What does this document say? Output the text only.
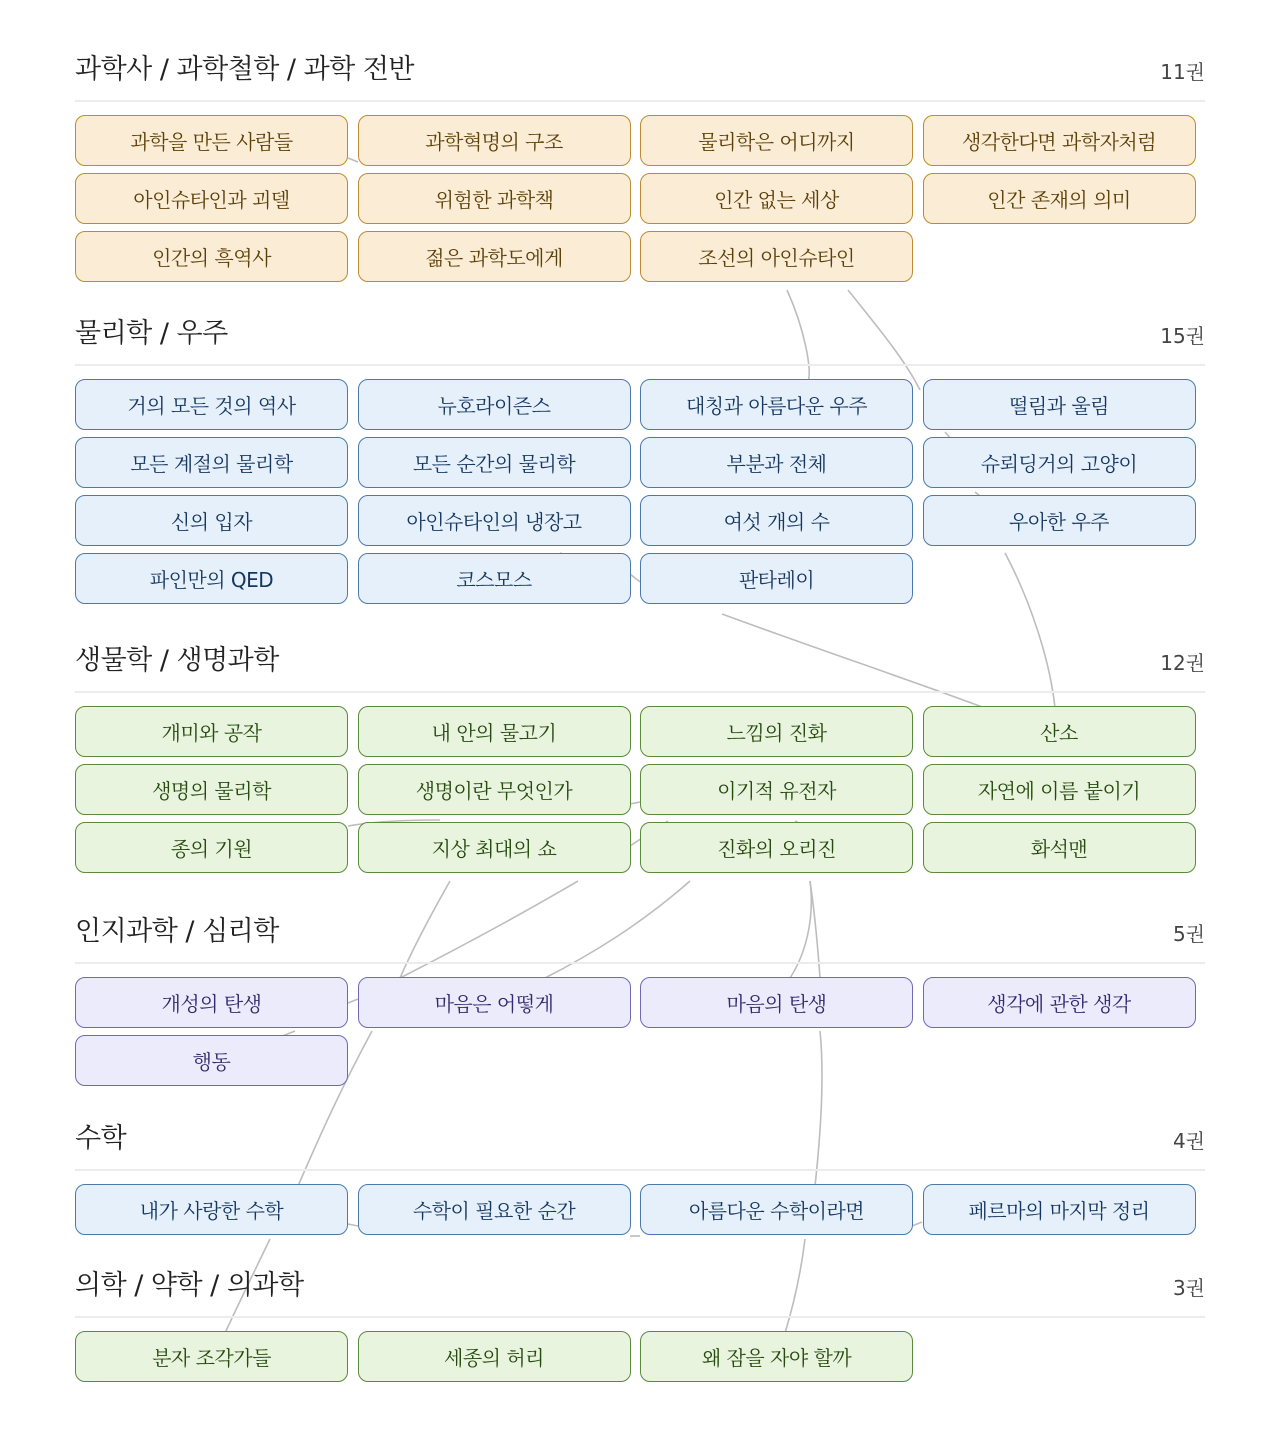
과학사 / 과학철학 / 과학 전반	11권
과학을 만든 사람들	과학혁명의 구조	물리학은 어디까지	생각한다면 과학자처럼
아인슈타인과 괴델	위험한 과학책	인간 없는 세상	인간 존재의 의미
인간의 흑역사	젊은 과학도에게	조선의 아인슈타인
물리학 / 우주	15권
거의 모든 것의 역사	뉴호라이즌스	대칭과 아름다운 우주	떨림과 울림
모든 계절의 물리학	모든 순간의 물리학	부분과 전체	슈뢰딩거의 고양이
신의 입자	아인슈타인의 냉장고	여섯 개의 수	우아한 우주
파인만의 QED	코스모스	판타레이
생물학 / 생명과학	12권
개미와 공작	내 안의 물고기	느낌의 진화	산소
생명의 물리학	생명이란 무엇인가	이기적 유전자	자연에 이름 붙이기
종의 기원	지상 최대의 쇼	진화의 오리진	화석맨
인지과학 / 심리학	5권
개성의 탄생	마음은 어떻게	마음의 탄생	생각에 관한 생각
행동
수학	4권
내가 사랑한 수학	수학이 필요한 순간	아름다운 수학이라면	페르마의 마지막 정리
의학 / 약학 / 의과학	3권
분자 조각가들	세종의 허리	왜 잠을 자야 할까
